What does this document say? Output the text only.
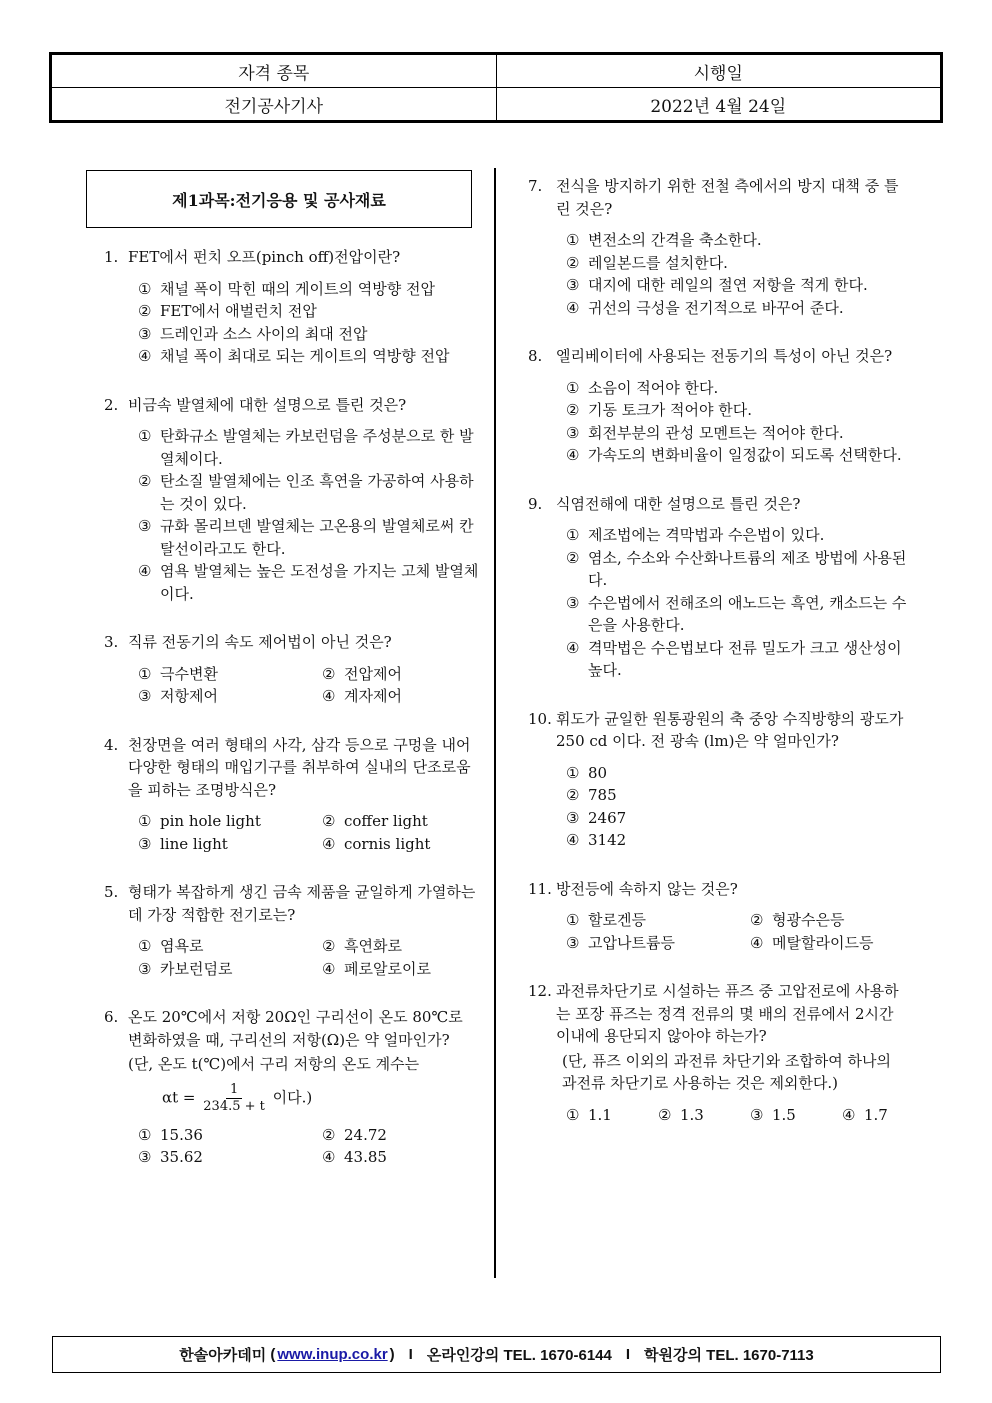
자격 종목	시행일
전기공사기사	2022년 4월 24일
제1과목:전기응용 및 공사재료
1. FET에서 펀치 오프(pinch off)전압이란?
① 채널 폭이 막힌 때의 게이트의 역방향 전압
② FET에서 애벌런치 전압
③ 드레인과 소스 사이의 최대 전압
④ 채널 폭이 최대로 되는 게이트의 역방향 전압
2. 비금속 발열체에 대한 설명으로 틀린 것은?
① 탄화규소 발열체는 카보런덤을 주성분으로 한 발열체이다.
② 탄소질 발열체에는 인조 흑연을 가공하여 사용하는 것이 있다.
③ 규화 몰리브덴 발열체는 고온용의 발열체로써 칸탈선이라고도 한다.
④ 염욕 발열체는 높은 도전성을 가지는 고체 발열체이다.
3. 직류 전동기의 속도 제어법이 아닌 것은?
① 극수변환	② 전압제어
③ 저항제어	④ 계자제어
4. 천장면을 여러 형태의 사각, 삼각 등으로 구멍을 내어 다양한 형태의 매입기구를 취부하여 실내의 단조로움을 피하는 조명방식은?
① pin hole light	② coffer light
③ line light	④ cornis light
5. 형태가 복잡하게 생긴 금속 제품을 균일하게 가열하는데 가장 적합한 전기로는?
① 염욕로	② 흑연화로
③ 카보런덤로	④ 페로알로이로
6. 온도 20℃에서 저항 20Ω인 구리선이 온도 80℃로 변화하였을 때, 구리선의 저항(Ω)은 약 얼마인가?
(단, 온도 t(℃)에서 구리 저항의 온도 계수는
$\alpha t = \frac{1}{234.5 + t}$ 이다.)
① 15.36	② 24.72
③ 35.62	④ 43.85
7. 전식을 방지하기 위한 전철 측에서의 방지 대책 중 틀린 것은?
① 변전소의 간격을 축소한다.
② 레일본드를 설치한다.
③ 대지에 대한 레일의 절연 저항을 적게 한다.
④ 귀선의 극성을 전기적으로 바꾸어 준다.
8. 엘리베이터에 사용되는 전동기의 특성이 아닌 것은?
① 소음이 적어야 한다.
② 기동 토크가 적어야 한다.
③ 회전부분의 관성 모멘트는 적어야 한다.
④ 가속도의 변화비율이 일정값이 되도록 선택한다.
9. 식염전해에 대한 설명으로 틀린 것은?
① 제조법에는 격막법과 수은법이 있다.
② 염소, 수소와 수산화나트륨의 제조 방법에 사용된다.
③ 수은법에서 전해조의 애노드는 흑연, 캐소드는 수은을 사용한다.
④ 격막법은 수은법보다 전류 밀도가 크고 생산성이 높다.
10. 휘도가 균일한 원통광원의 축 중앙 수직방향의 광도가 250 cd 이다. 전 광속 (lm)은 약 얼마인가?
① 80
② 785
③ 2467
④ 3142
11. 방전등에 속하지 않는 것은?
① 할로겐등	② 형광수은등
③ 고압나트륨등	④ 메탈할라이드등
12. 과전류차단기로 시설하는 퓨즈 중 고압전로에 사용하는 포장 퓨즈는 정격 전류의 몇 배의 전류에서 2시간 이내에 용단되지 않아야 하는가?
(단, 퓨즈 이외의 과전류 차단기와 조합하여 하나의 과전류 차단기로 사용하는 것은 제외한다.)
① 1.1	② 1.3	③ 1.5	④ 1.7
한솔아카데미
( www.inup.co.kr ) I 온라인강의 TEL. 1670-6144 I 학원강의 TEL. 1670-7113
